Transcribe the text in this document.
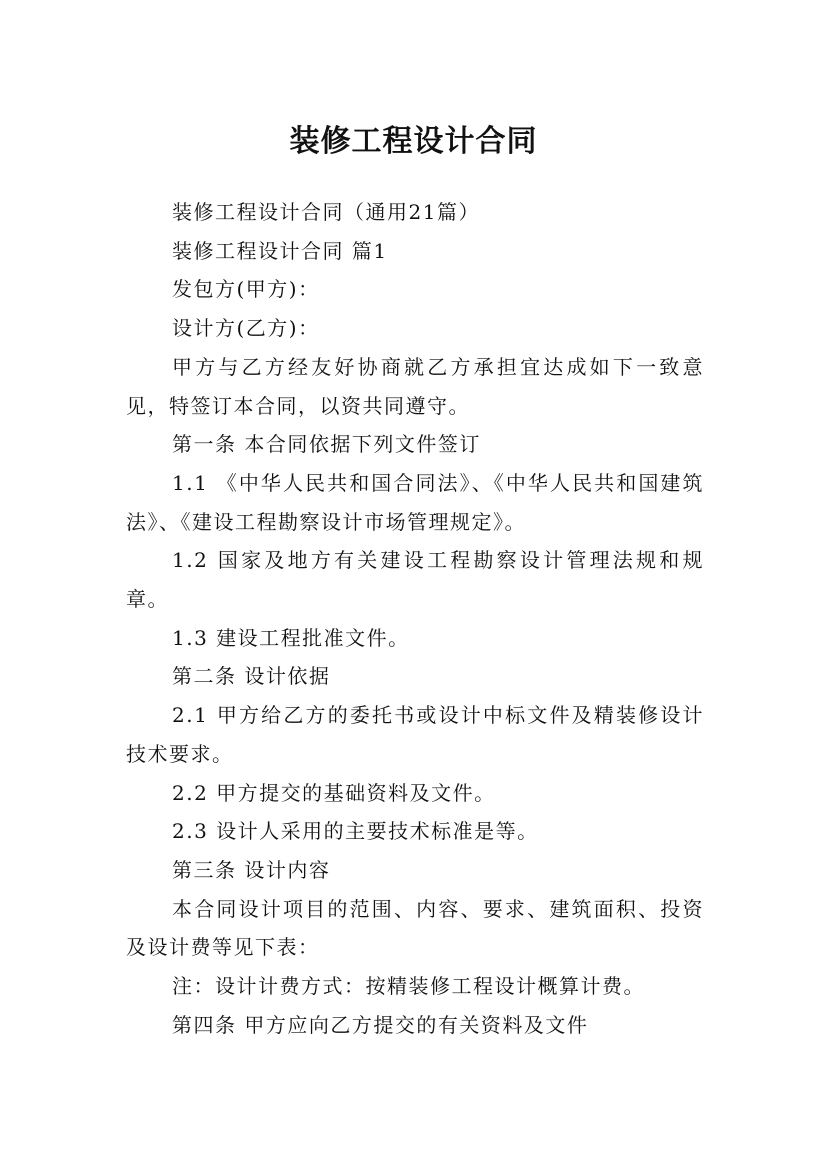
装修工程设计合同

装修工程设计合同（通用21篇）

装修工程设计合同 篇1

发包方(甲方)：

设计方(乙方)：

甲方与乙方经友好协商就乙方承担宜达成如下一致意见，特签订本合同，以资共同遵守。

第一条 本合同依据下列文件签订

1.1 《中华人民共和国合同法》、《中华人民共和国建筑法》、《建设工程勘察设计市场管理规定》。

1.2 国家及地方有关建设工程勘察设计管理法规和规章。

1.3 建设工程批准文件。

第二条 设计依据

2.1 甲方给乙方的委托书或设计中标文件及精装修设计技术要求。

2.2 甲方提交的基础资料及文件。

2.3 设计人采用的主要技术标准是等。

第三条 设计内容

本合同设计项目的范围、内容、要求、建筑面积、投资及设计费等见下表：

注：设计计费方式：按精装修工程设计概算计费。

第四条 甲方应向乙方提交的有关资料及文件
